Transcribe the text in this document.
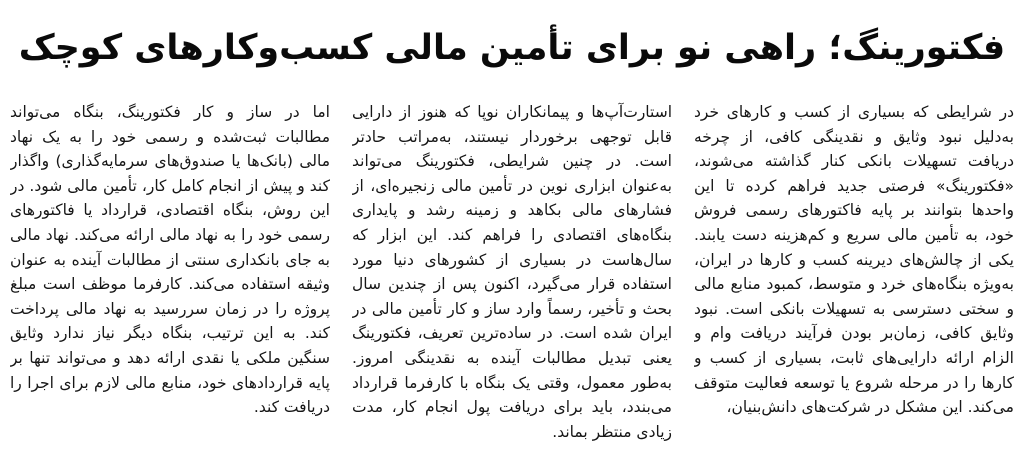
فکتورینگ؛ راهی نو برای تأمین مالی کسب‌وکارهای کوچک
در شرایطی که بسیاری از کسب و کارهای خرد به‌دلیل نبود وثایق و نقدینگی کافی، از چرخه دریافت تسهیلات بانکی کنار گذاشته می‌شوند، «فکتورینگ» فرصتی جدید فراهم کرده تا این واحدها بتوانند بر پایه فاکتورهای رسمی فروش خود، به تأمین مالی سریع و کم‌هزینه دست یابند. یکی از چالش‌های دیرینه کسب و کارها در ایران، به‌ویژه بنگاه‌های خرد و متوسط، کمبود منابع مالی و سختی دسترسی به تسهیلات بانکی است. نبود وثایق کافی، زمان‌بر بودن فرآیند دریافت وام و الزام ارائه دارایی‌های ثابت، بسیاری از کسب و کارها را در مرحله شروع یا توسعه فعالیت متوقف می‌کند. این مشکل در شرکت‌های دانش‌بنیان،
استارت‌آپ‌ها و پیمانکاران نوپا که هنوز از دارایی قابل توجهی برخوردار نیستند، به‌مراتب حادتر است. در چنین شرایطی، فکتورینگ می‌تواند به‌عنوان ابزاری نوین در تأمین مالی زنجیره‌ای، از فشارهای مالی بکاهد و زمینه رشد و پایداری بنگاه‌های اقتصادی را فراهم کند. این ابزار که سال‌هاست در بسیاری از کشورهای دنیا مورد استفاده قرار می‌گیرد، اکنون پس از چندین سال بحث و تأخیر، رسماً وارد ساز و کار تأمین مالی در ایران شده است. در ساده‌ترین تعریف، فکتورینگ یعنی تبدیل مطالبات آینده به نقدینگی امروز. به‌طور معمول، وقتی یک بنگاه با کارفرما قرارداد می‌بندد، باید برای دریافت پول انجام کار، مدت زیادی منتظر بماند.
اما در ساز و کار فکتورینگ، بنگاه می‌تواند مطالبات ثبت‌شده و رسمی خود را به یک نهاد مالی (بانک‌ها یا صندوق‌های سرمایه‌گذاری) واگذار کند و پیش از انجام کامل کار، تأمین مالی شود. در این روش، بنگاه اقتصادی، قرارداد یا فاکتورهای رسمی خود را به نهاد مالی ارائه می‌کند. نهاد مالی به جای بانکداری سنتی از مطالبات آینده به عنوان وثیقه استفاده می‌کند. کارفرما موظف است مبلغ پروژه را در زمان سررسید به نهاد مالی پرداخت کند. به این ترتیب، بنگاه دیگر نیاز ندارد وثایق سنگین ملکی یا نقدی ارائه دهد و می‌تواند تنها بر پایه قراردادهای خود، منابع مالی لازم برای اجرا را دریافت کند.
